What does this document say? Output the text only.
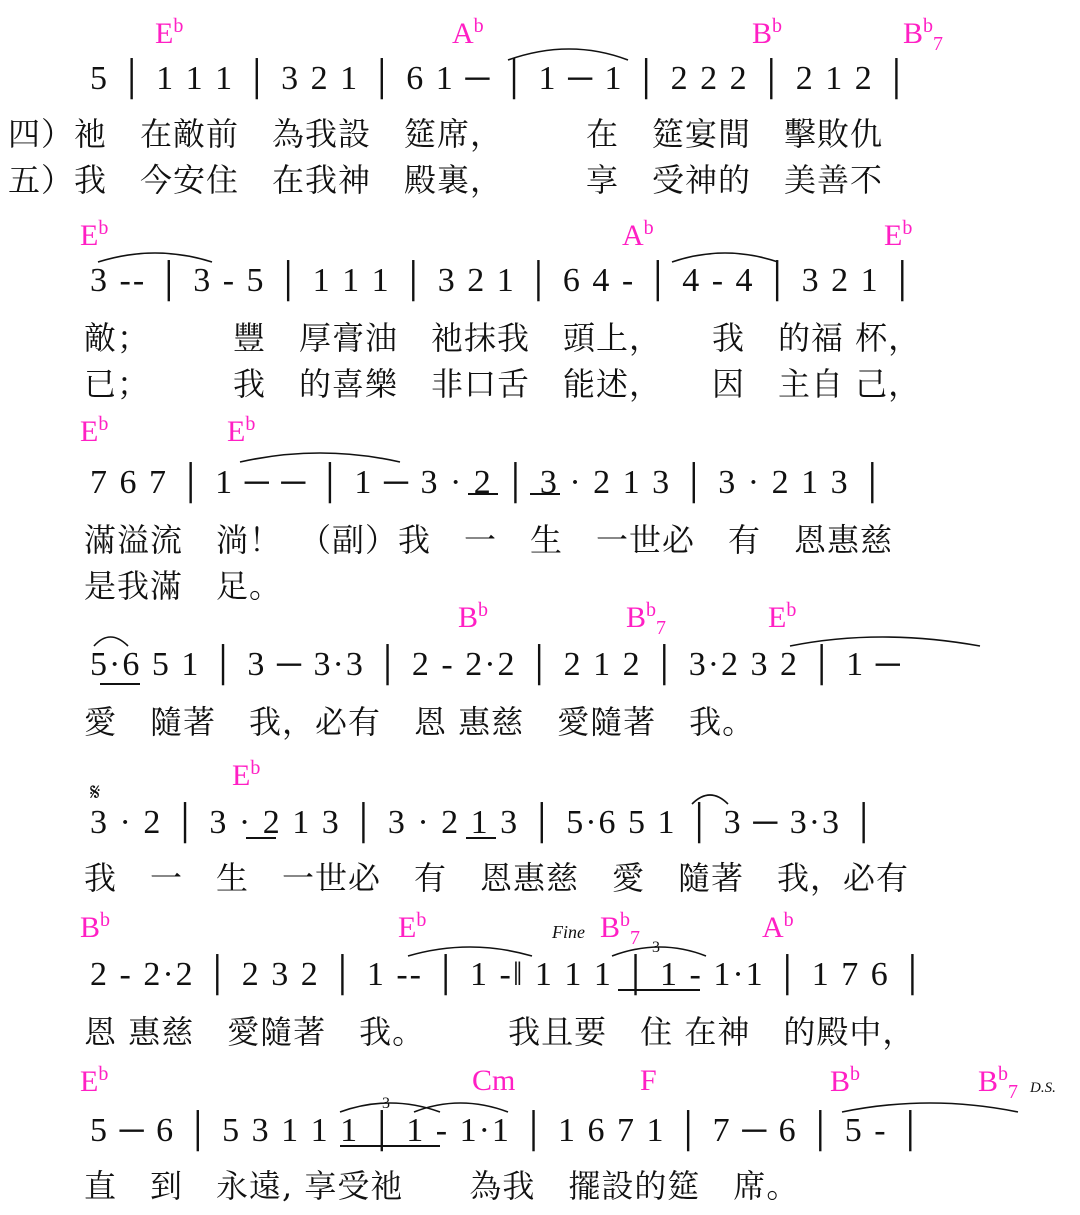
$E^b$	$A^b$	$B^b$	$B^b_7$
$E^b$	$A^b$	$E^b$
$E^b$	$E^b$
$B^b$	$B^b_7$	$E^b$
$E^b$
$B^b$	$E^b$
Fine $B^b_7$	$A^b$
$E^b$	Cm	F	$B^b$	$B^b_7$ D.S.
5 │ 1 1 1 │ 3 2 1 │ 6 1 ─ │ 1 ─ 1 │ 2 2 2 │ 2 1 2 │
3 -- │ 3 - 5 │ 1 1 1 │ 3 2 1 │ 6 4 - │ 4 - 4 │ 3 2 1 │
7 6 7 │ 1 ─ ─ │ 1 ─ 3 · 2 │ 3 · 2 1 3 │ 3 · 2 1 3 │
5·6 5 1 │ 3 ─ 3·3 │ 2 - 2·2 │ 2 1 2 │ 3·2 3 2 │ 1 ─
𝄋
3 · 2 │ 3 · 2 1 3 │ 3 · 2 1 3 │ 5·6 5 1 │ 3 ─ 3·3 │
2 - 2·2 │ 2 3 2 │ 1 -- │ 1 -‖ 1 1 1 │ 1 - 1·1 │ 1 7 6 │
5 ─ 6 │ 5 3 1 1 1 │ 1 - 1·1 │ 1 6 7 1 │ 7 ─ 6 │ 5 - │
四）祂　在敵前　為我設　筵席，　　　在　筵宴間　擊敗仇
五）我　今安住　在我神　殿裏，　　　享　受神的　美善不
敵；　　　豐　厚膏油　祂抹我　頭上，　　我　的福 杯，
已；　　　我　的喜樂　非口舌　能述，　　因　主自 己，
滿溢流　淌！　（副）我　一　生　一世必　有　恩惠慈
是我滿　足。
愛　隨著　我，必有　恩 惠慈　愛隨著　我。
我　一　生　一世必　有　恩惠慈　愛　隨著　我，必有
恩 惠慈　愛隨著　我。　　　我且要　住 在神　的殿中，
直　到　永遠, 享受祂　　為我　擺設的筵　席。
3
3
